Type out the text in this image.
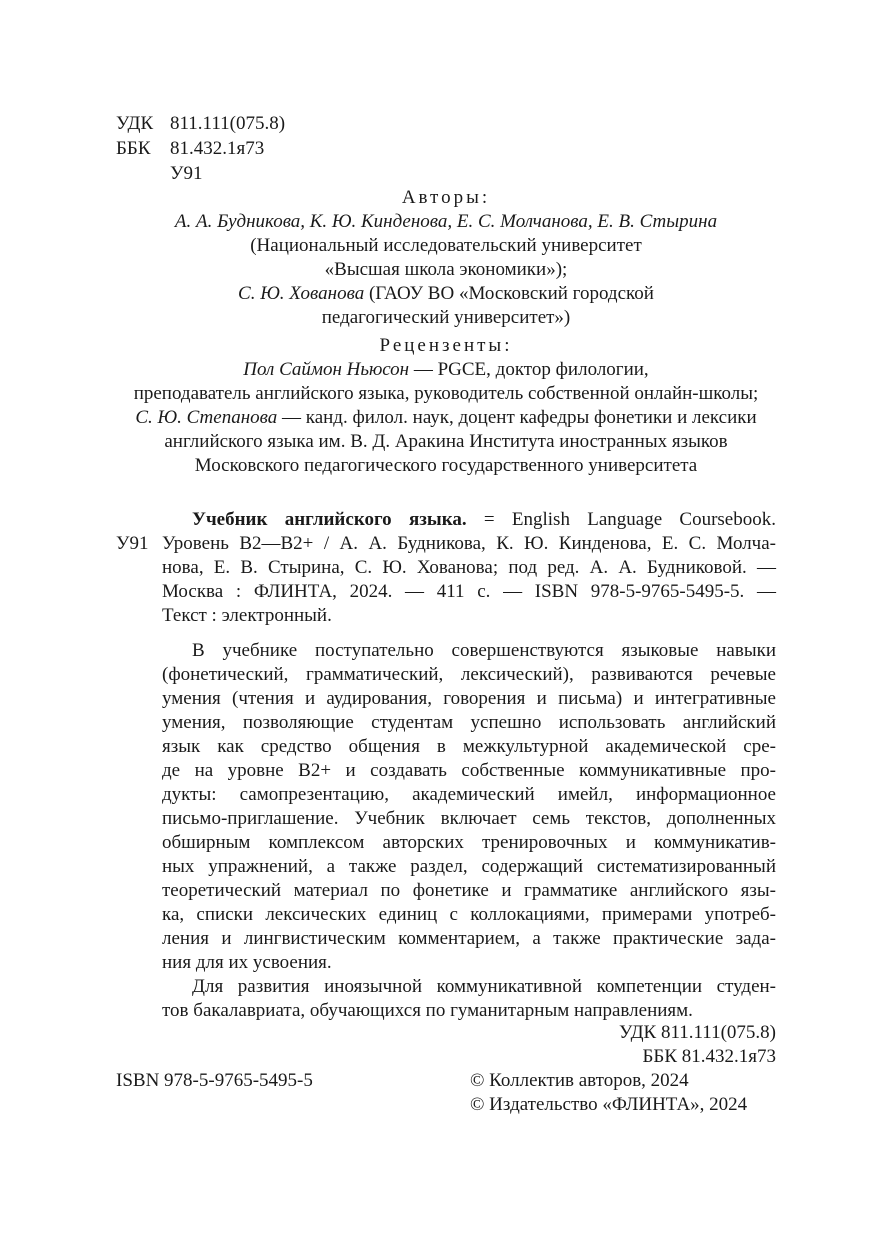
УДК 811.111(075.8)
ББК 81.432.1я73
У91
Авторы:
А. А. Будникова, К. Ю. Кинденова, Е. С. Молчанова, Е. В. Стырина
(Национальный исследовательский университет
«Высшая школа экономики»);
С. Ю. Хованова (ГАОУ ВО «Московский городской
педагогический университет»)
Рецензенты:
Пол Саймон Ньюсон — PGCE, доктор филологии,
преподаватель английского языка, руководитель собственной онлайн-школы;
С. Ю. Степанова — канд. филол. наук, доцент кафедры фонетики и лексики
английского языка им. В. Д. Аракина Института иностранных языков
Московского педагогического государственного университета
Учебник английского языка. = English Language Coursebook.
У91 Уровень B2—B2+ / А. А. Будникова, К. Ю. Кинденова, Е. С. Молча-
нова, Е. В. Стырина, С. Ю. Хованова; под ред. А. А. Будниковой. —
Москва : ФЛИНТА, 2024. — 411 с. — ISBN 978-5-9765-5495-5. —
Текст : электронный.
В учебнике поступательно совершенствуются языковые навыки
(фонетический, грамматический, лексический), развиваются речевые
умения (чтения и аудирования, говорения и письма) и интегративные
умения, позволяющие студентам успешно использовать английский
язык как средство общения в межкультурной академической сре-
де на уровне B2+ и создавать собственные коммуникативные про-
дукты: самопрезентацию, академический имейл, информационное
письмо-приглашение. Учебник включает семь текстов, дополненных
обширным комплексом авторских тренировочных и коммуникатив-
ных упражнений, а также раздел, содержащий систематизированный
теоретический материал по фонетике и грамматике английского язы-
ка, списки лексических единиц с коллокациями, примерами употреб-
ления и лингвистическим комментарием, а также практические зада-
ния для их усвоения.
Для развития иноязычной коммуникативной компетенции студен-
тов бакалавриата, обучающихся по гуманитарным направлениям.
УДК 811.111(075.8)
ББК 81.432.1я73
ISBN 978-5-9765-5495-5	© Коллектив авторов, 2024
© Издательство «ФЛИНТА», 2024
